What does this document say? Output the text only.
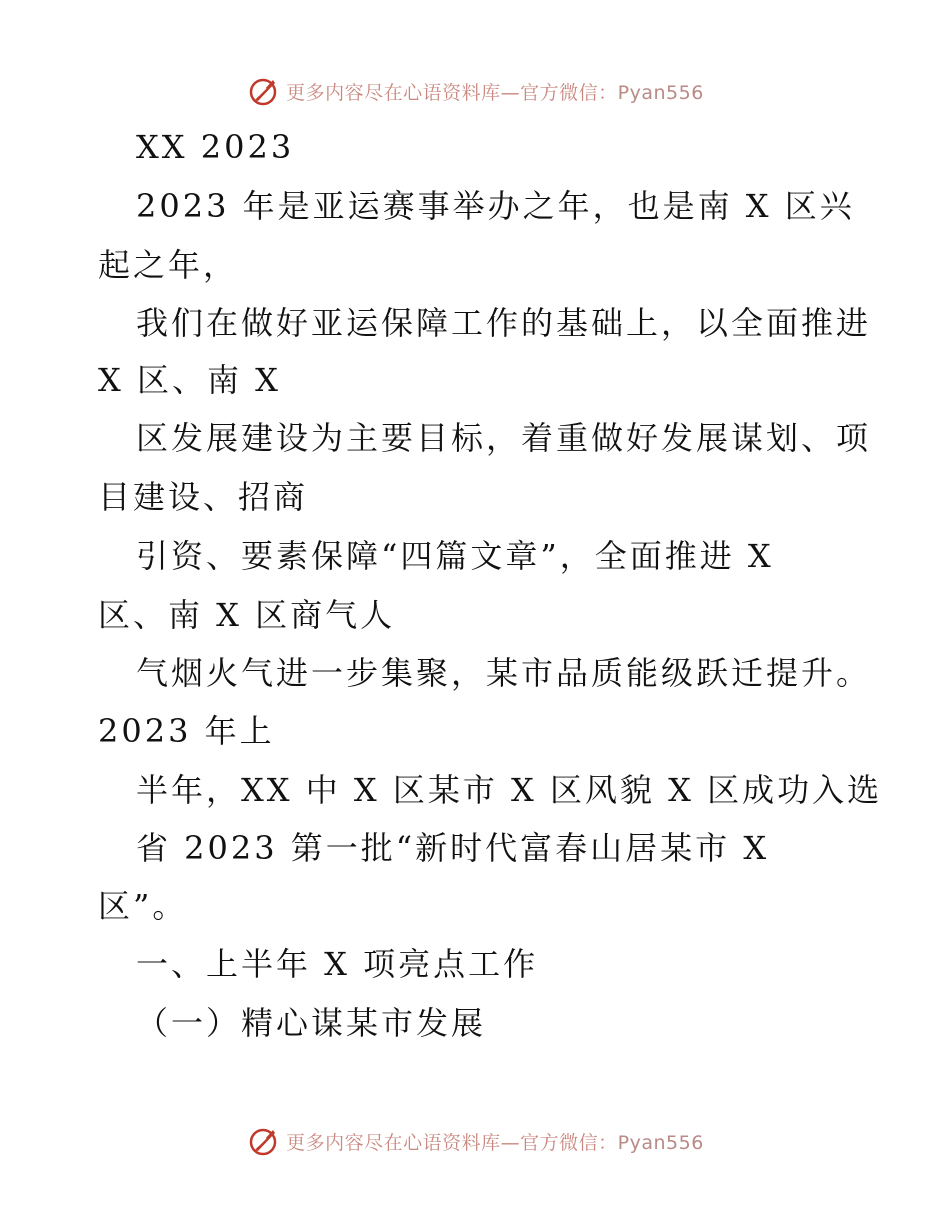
更多内容尽在心语资料库—官方微信：Pyan556
XX 2023
2023 年是亚运赛事举办之年，也是南 X 区兴
起之年，
我们在做好亚运保障工作的基础上，以全面推进
X 区、南 X
区发展建设为主要目标，着重做好发展谋划、项
目建设、招商
引资、要素保障“四篇文章”，全面推进 X
区、南 X 区商气人
气烟火气进一步集聚，某市品质能级跃迁提升。
2023 年上
半年，XX 中 X 区某市 X 区风貌 X 区成功入选
省 2023 第一批“新时代富春山居某市 X
区”。
一、上半年 X 项亮点工作
（一）精心谋某市发展
更多内容尽在心语资料库—官方微信：Pyan556
